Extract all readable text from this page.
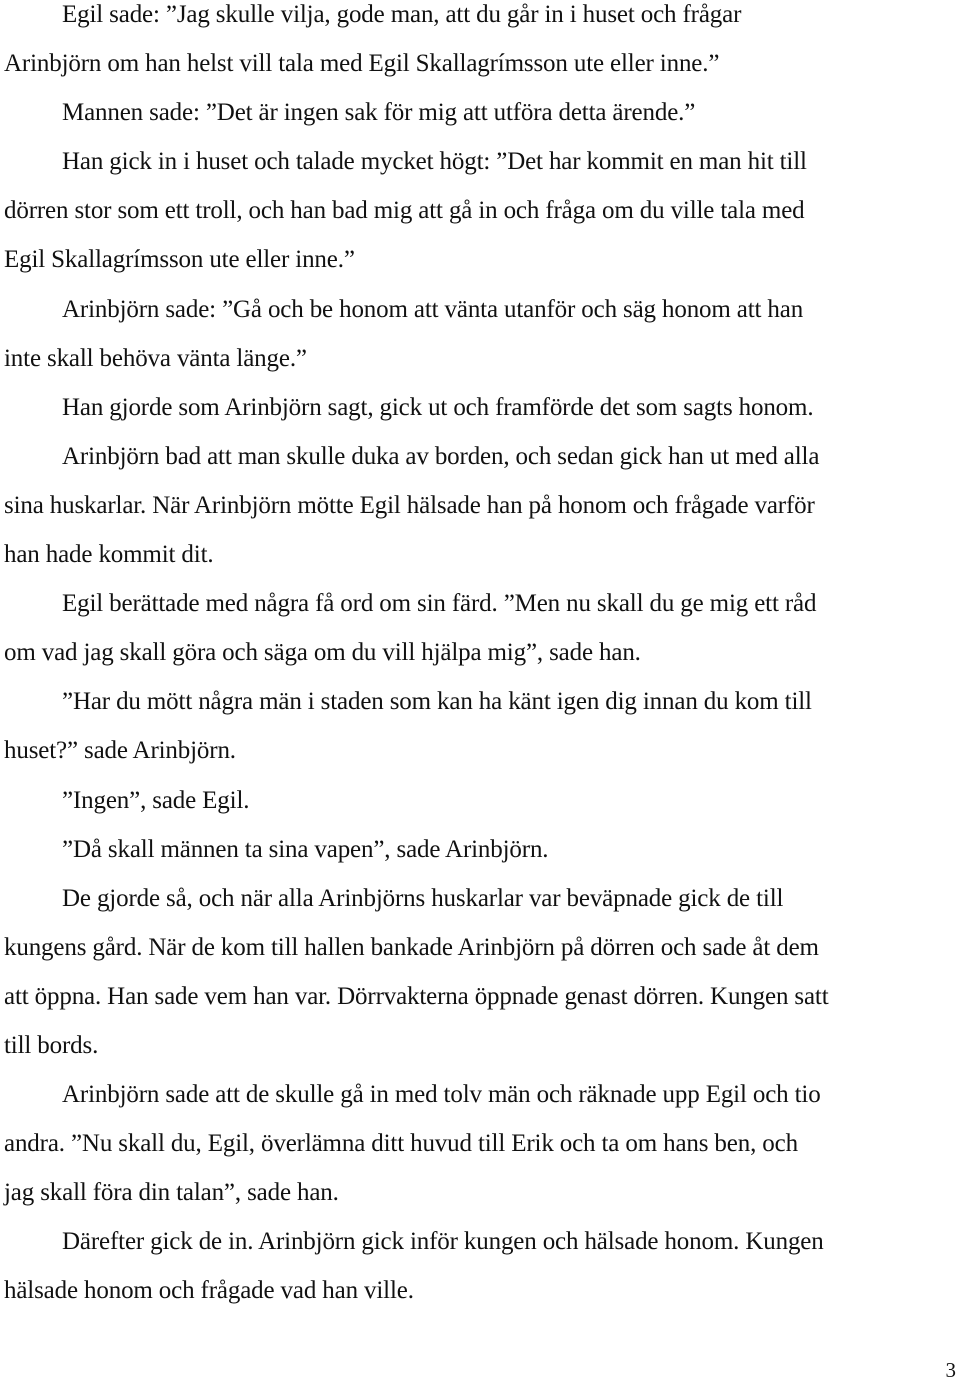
Egil sade: ”Jag skulle vilja, gode man, att du går in i huset och frågar
Arinbjörn om han helst vill tala med Egil Skallagrímsson ute eller inne.”
Mannen sade: ”Det är ingen sak för mig att utföra detta ärende.”
Han gick in i huset och talade mycket högt: ”Det har kommit en man hit till
dörren stor som ett troll, och han bad mig att gå in och fråga om du ville tala med
Egil Skallagrímsson ute eller inne.”
Arinbjörn sade: ”Gå och be honom att vänta utanför och säg honom att han
inte skall behöva vänta länge.”
Han gjorde som Arinbjörn sagt, gick ut och framförde det som sagts honom.
Arinbjörn bad att man skulle duka av borden, och sedan gick han ut med alla
sina huskarlar. När Arinbjörn mötte Egil hälsade han på honom och frågade varför
han hade kommit dit.
Egil berättade med några få ord om sin färd. ”Men nu skall du ge mig ett råd
om vad jag skall göra och säga om du vill hjälpa mig”, sade han.
”Har du mött några män i staden som kan ha känt igen dig innan du kom till
huset?” sade Arinbjörn.
”Ingen”, sade Egil.
”Då skall männen ta sina vapen”, sade Arinbjörn.
De gjorde så, och när alla Arinbjörns huskarlar var beväpnade gick de till
kungens gård. När de kom till hallen bankade Arinbjörn på dörren och sade åt dem
att öppna. Han sade vem han var. Dörrvakterna öppnade genast dörren. Kungen satt
till bords.
Arinbjörn sade att de skulle gå in med tolv män och räknade upp Egil och tio
andra. ”Nu skall du, Egil, överlämna ditt huvud till Erik och ta om hans ben, och
jag skall föra din talan”, sade han.
Därefter gick de in. Arinbjörn gick inför kungen och hälsade honom. Kungen
hälsade honom och frågade vad han ville.
3
